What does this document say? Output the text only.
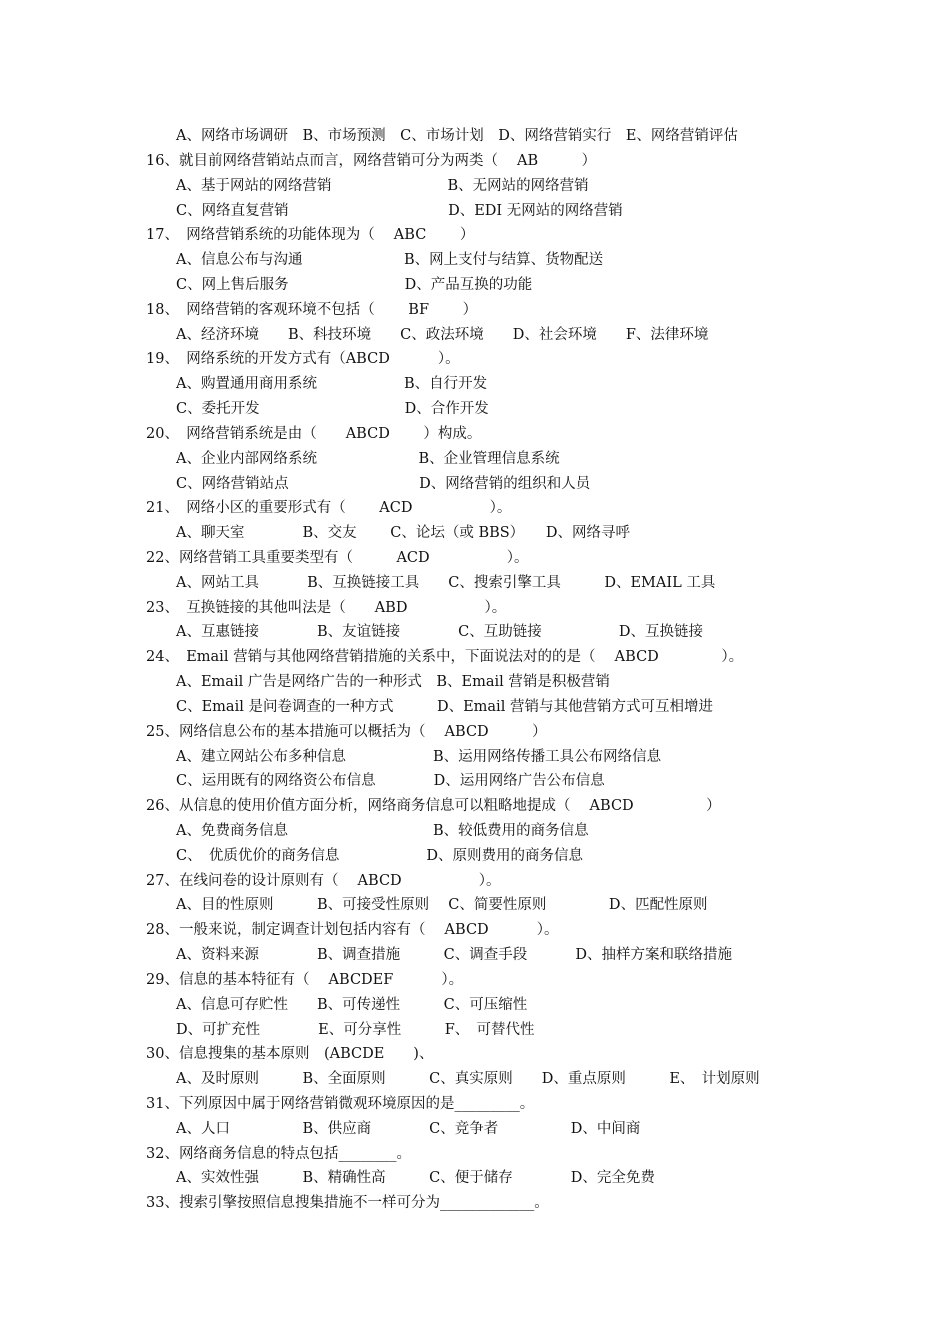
A、网络市场调研　B、市场预测　C、市场计划　D、网络营销实行　E、网络营销评估
16、就目前网络营销站点而言，网络营销可分为两类（　 AB　　　）
A、基于网站的网络营销　　　　　　　　B、无网站的网络营销
C、网络直复营销　　　　　　　　　　　D、EDI 无网站的网络营销
17、　网络营销系统的功能体现为（　 ABC　　 ）
A、信息公布与沟通　　　　　　　B、网上支付与结算、货物配送
C、网上售后服务　　　　　　　　D、产品互换的功能
18、　网络营销的客观环境不包括（　　 BF　　 ）
A、经济环境　　B、科技环境　　C、政法环境　　D、社会环境　　F、法律环境
19、　网络系统的开发方式有（ABCD　　　 ）。
A、购置通用商用系统　　　　　　B、自行开发
C、委托开发　　　　　　　　　　D、合作开发
20、　网络营销系统是由（　　ABCD　　 ）构成。
A、企业内部网络系统　　　　　　　B、企业管理信息系统
C、网络营销站点　　　　　　　　　D、网络营销的组织和人员
21、　网络小区的重要形式有（　　 ACD　　　　　 ）。
A、聊天室　　　　B、交友　　 C、论坛（或 BBS）　　D、网络寻呼
22、网络营销工具重要类型有（　　　ACD　　　　　 ）。
A、网站工具　　　 B、互换链接工具　　C、搜索引擎工具　　　D、EMAIL 工具
23、　互换链接的其他叫法是（　　ABD　　　　　 ）。
A、互惠链接　　　　B、友谊链接　　　　C、互助链接　　　　　 D、互换链接
24、　Email 营销与其他网络营销措施的关系中，下面说法对的的是（　 ABCD　　　　 ）。
A、Email 广告是网络广告的一种形式　B、Email 营销是积极营销
C、Email 是问卷调查的一种方式　　　D、Email 营销与其他营销方式可互相增进
25、网络信息公布的基本措施可以概括为（　 ABCD　　　）
A、建立网站公布多种信息　　　　　　B、运用网络传播工具公布网络信息
C、运用既有的网络资公布信息　　　　D、运用网络广告公布信息
26、从信息的使用价值方面分析，网络商务信息可以粗略地提成（　 ABCD　　　　　）
A、免费商务信息　　　　　　　　　　B、较低费用的商务信息
C、　优质优价的商务信息　　　　　　D、原则费用的商务信息
27、在线问卷的设计原则有（　 ABCD　　　　　 ）。
A、目的性原则　　　B、可接受性原则　 C、简要性原则　　　　 D、匹配性原则
28、一般来说，制定调查计划包括内容有（　 ABCD　　　 ）。
A、资料来源　　　　B、调查措施　　　C、调查手段　　　 D、抽样方案和联络措施
29、信息的基本特征有（　 ABCDEF　　　 ）。
A、信息可存贮性　　B、可传递性　　　C、可压缩性
D、可扩充性　　　　E、可分享性　　　F、　可替代性
30、信息搜集的基本原则　(ABCDE　　)、
A、及时原则　　　B、全面原则　　　C、真实原则　　D、重点原则　　　E、　计划原则
31、下列原因中属于网络营销微观环境原因的是_________。
A、人口　　　　　B、供应商　　　　C、竞争者　　　　　D、中间商
32、网络商务信息的特点包括________。
A、实效性强　　　B、精确性高　　　C、便于储存　　　　D、完全免费
33、搜索引擎按照信息搜集措施不一样可分为_____________。
